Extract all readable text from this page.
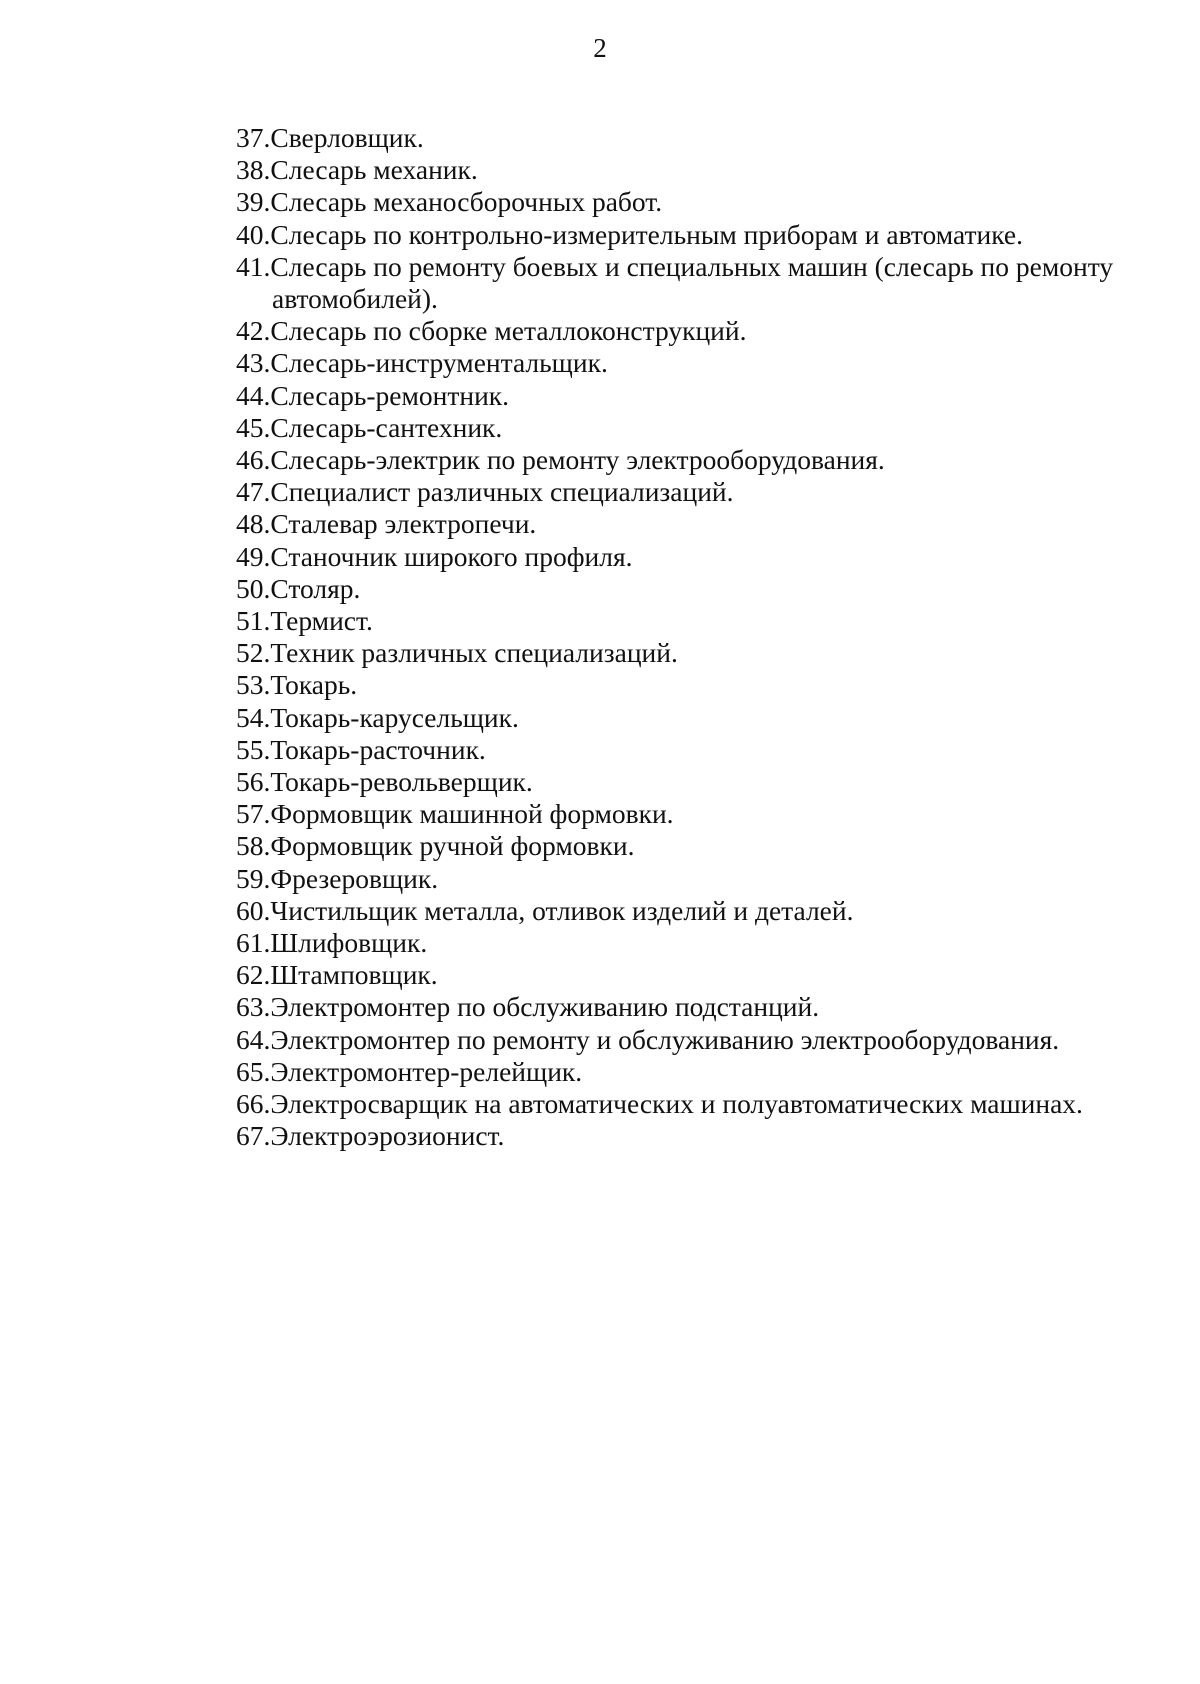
2
37.Сверловщик.
38.Слесарь механик.
39.Слесарь механосборочных работ.
40.Слесарь по контрольно-измерительным приборам и автоматике.
41.Слесарь по ремонту боевых и специальных машин (слесарь по ремонту автомобилей).
42.Слесарь по сборке металлоконструкций.
43.Слесарь-инструментальщик.
44.Слесарь-ремонтник.
45.Слесарь-сантехник.
46.Слесарь-электрик по ремонту электрооборудования.
47.Специалист различных специализаций.
48.Сталевар электропечи.
49.Станочник широкого профиля.
50.Столяр.
51.Термист.
52.Техник различных специализаций.
53.Токарь.
54.Токарь-карусельщик.
55.Токарь-расточник.
56.Токарь-револьверщик.
57.Формовщик машинной формовки.
58.Формовщик ручной формовки.
59.Фрезеровщик.
60.Чистильщик металла, отливок изделий и деталей.
61.Шлифовщик.
62.Штамповщик.
63.Электромонтер по обслуживанию подстанций.
64.Электромонтер по ремонту и обслуживанию электрооборудования.
65.Электромонтер-релейщик.
66.Электросварщик на автоматических и полуавтоматических машинах.
67.Электроэрозионист.
